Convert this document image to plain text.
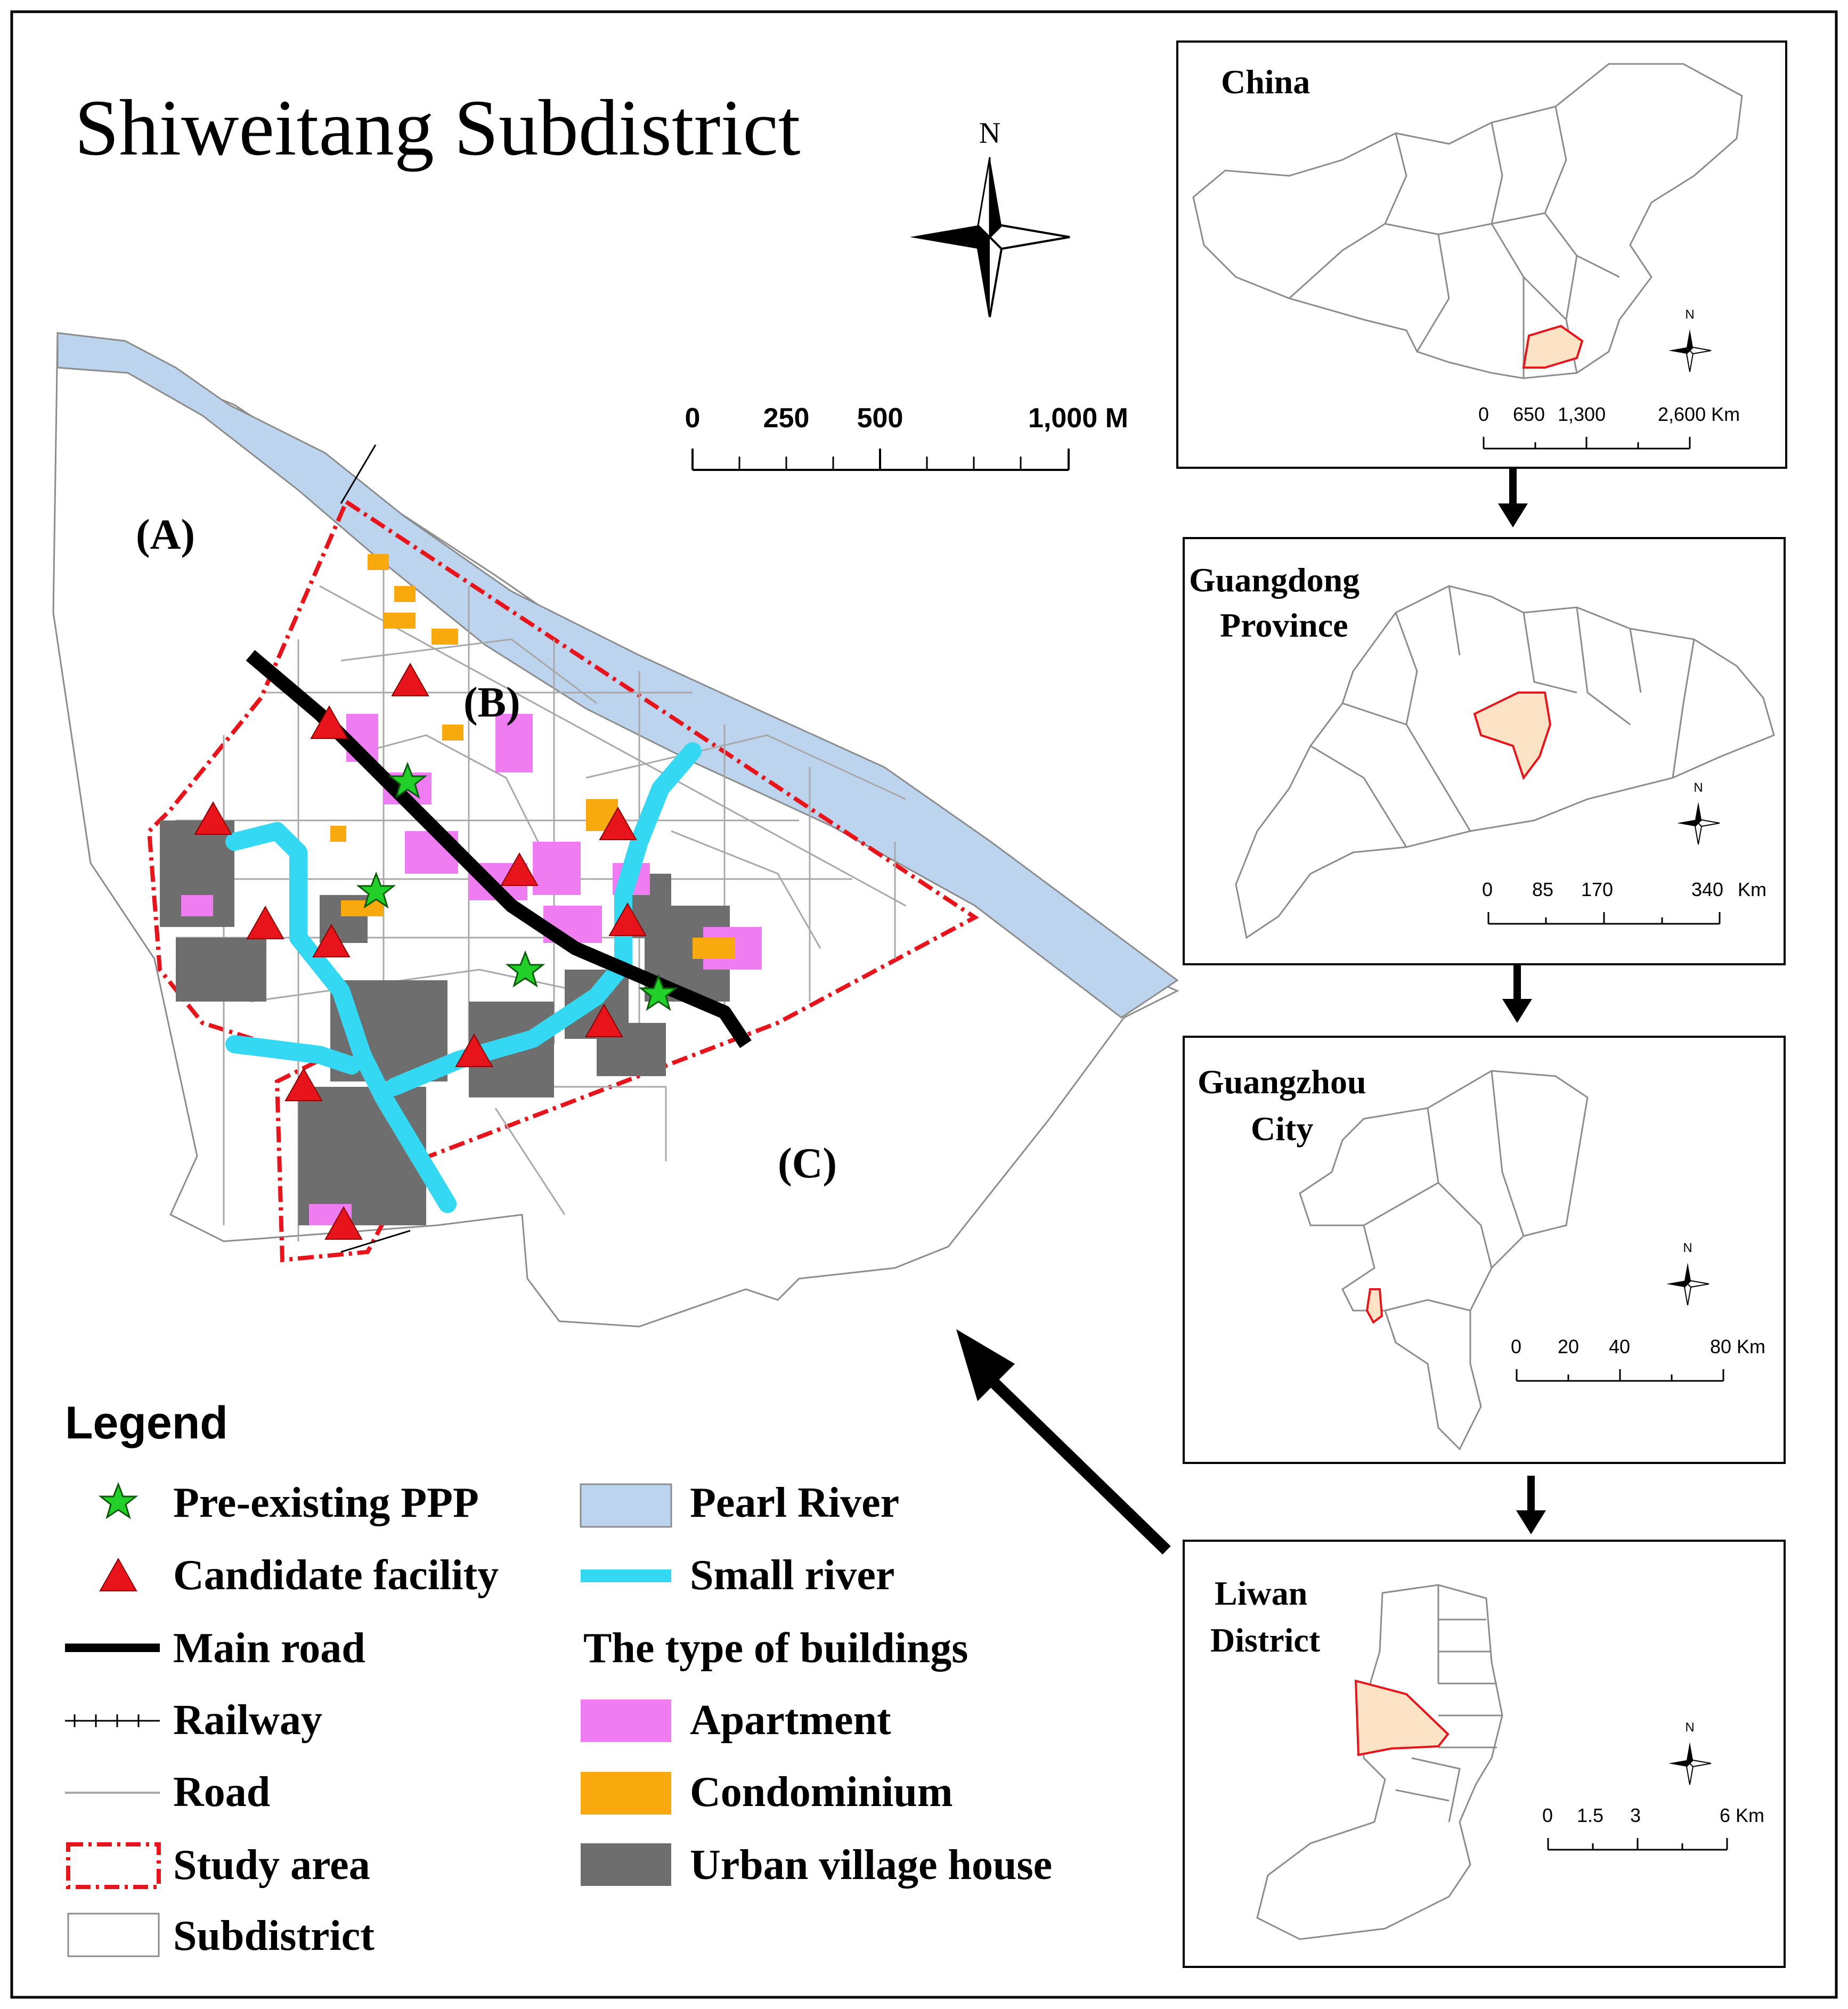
Shiweitang Subdistrict	N
0 250 500	1,000 M
(A)
(B)
(C)
Legend
Pre-existing PPP
Candidate facility
Main road
Railway
Road
Study area
Subdistrict
Pearl River
Small river
The type of buildings
Apartment
Condominium
Urban village house
China
N
0 650 1,300	2,600 Km
Guangdong
Province
N
0 85 170	340 Km
Guangzhou
City
N
0 20 40	80 Km
Liwan
District
N
0 1.5 3	6 Km
